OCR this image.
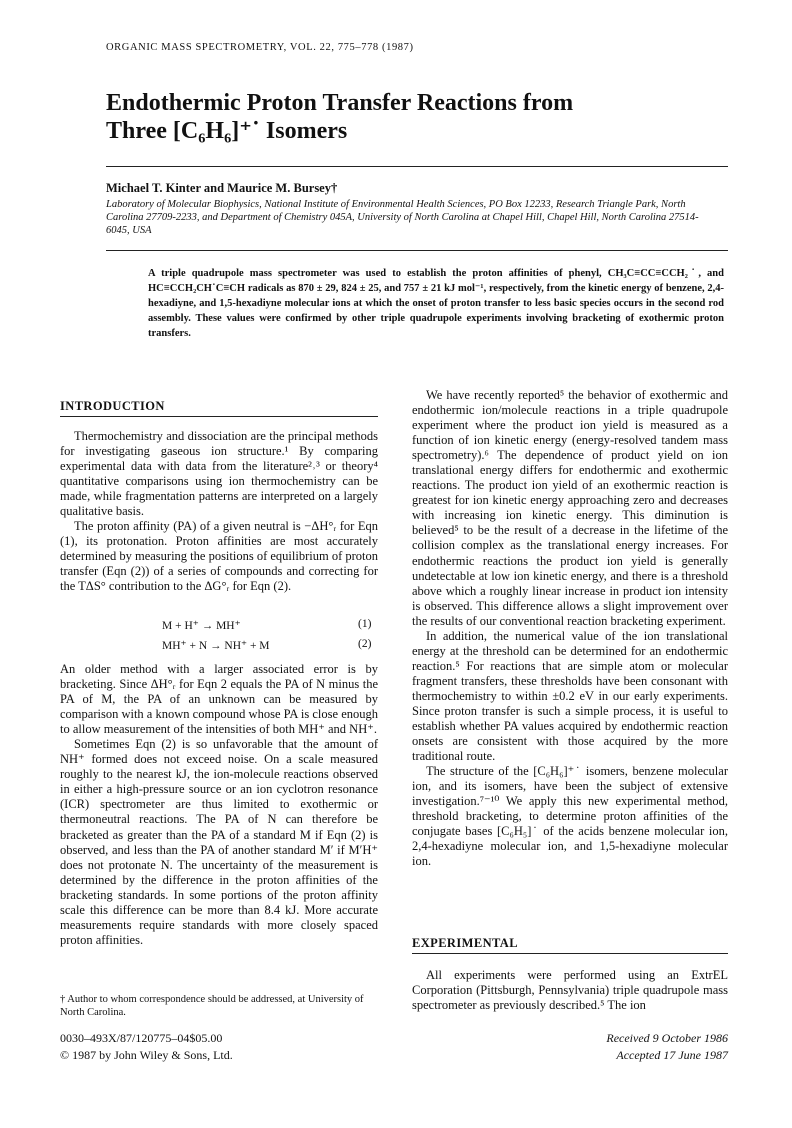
ORGANIC MASS SPECTROMETRY, VOL. 22, 775–778 (1987)
Endothermic Proton Transfer Reactions from
Three [C₆H₆]⁺˙ Isomers
Michael T. Kinter and Maurice M. Bursey†
Laboratory of Molecular Biophysics, National Institute of Environmental Health Sciences, PO Box 12233, Research Triangle Park, North Carolina 27709-2233, and Department of Chemistry 045A, University of North Carolina at Chapel Hill, Chapel Hill, North Carolina 27514-6045, USA
A triple quadrupole mass spectrometer was used to establish the proton affinities of phenyl, CH₃C≡CC≡CCH₂˙, and HC≡CCH₂CH˙C≡CH radicals as 870 ± 29, 824 ± 25, and 757 ± 21 kJ mol⁻¹, respectively, from the kinetic energy of benzene, 2,4-hexadiyne, and 1,5-hexadiyne molecular ions at which the onset of proton transfer to less basic species occurs in the second rod assembly. These values were confirmed by other triple quadrupole experiments involving bracketing of exothermic proton transfers.
INTRODUCTION

Thermochemistry and dissociation are the principal methods for investigating gaseous ion structure.¹ By comparing experimental data with data from the literature²˒³ or theory⁴ quantitative comparisons using ion thermochemistry can be made, while fragmentation patterns are interpreted on a largely qualitative basis.

The proton affinity (PA) of a given neutral is −ΔH°ᵣ for Eqn (1), its protonation. Proton affinities are most accurately determined by measuring the positions of equilibrium of proton transfer (Eqn (2)) of a series of compounds and correcting for the TΔS° contribution to the ΔG°ᵣ for Eqn (2).

M + H⁺ → MH⁺	(1)
MH⁺ + N → NH⁺ + M	(2)

An older method with a larger associated error is by bracketing. Since ΔH°ᵣ for Eqn 2 equals the PA of N minus the PA of M, the PA of an unknown can be measured by comparison with a known compound whose PA is close enough to allow measurement of the intensities of both MH⁺ and NH⁺.

Sometimes Eqn (2) is so unfavorable that the amount of NH⁺ formed does not exceed noise. On a scale measured roughly to the nearest kJ, the ion-molecule reactions observed in either a high-pressure source or an ion cyclotron resonance (ICR) spectrometer are thus limited to exothermic or thermoneutral reactions. The PA of N can therefore be bracketed as greater than the PA of a standard M if Eqn (2) is observed, and less than the PA of another standard M′ if M′H⁺ does not protonate N. The uncertainty of the measurement is determined by the difference in the proton affinities of the bracketing standards. In some portions of the proton affinity scale this difference can be more than 8.4 kJ. More accurate measurements require standards with more closely spaced proton affinities.

† Author to whom correspondence should be addressed, at University of North Carolina.
0030–493X/87/120775–04$05.00
© 1987 by John Wiley & Sons, Ltd.

We have recently reported⁵ the behavior of exothermic and endothermic ion/molecule reactions in a triple quadrupole experiment where the product ion yield is measured as a function of ion kinetic energy (energy-resolved tandem mass spectrometry).⁶ The dependence of product yield on ion translational energy differs for endothermic and exothermic reactions. The product ion yield of an exothermic reaction is greatest for ion kinetic energy approaching zero and decreases with increasing ion kinetic energy. This diminution is believed⁵ to be the result of a decrease in the lifetime of the collision complex as the translational energy increases. For endothermic reactions the product ion yield is generally undetectable at low ion kinetic energy, and there is a threshold above which a roughly linear increase in product ion intensity is observed. This difference allows a slight improvement over the results of our conventional reaction bracketing experiment.

In addition, the numerical value of the ion translational energy at the threshold can be determined for an endothermic reaction.⁵ For reactions that are simple atom or molecular fragment transfers, these thresholds have been consonant with thermochemistry to within ±0.2 eV in our early experiments. Since proton transfer is such a simple process, it is useful to establish whether PA values acquired by endothermic reaction onsets are consistent with those acquired by the more traditional route.

The structure of the [C₆H₆]⁺˙ isomers, benzene molecular ion, and its isomers, have been the subject of extensive investigation.⁷⁻¹⁰ We apply this new experimental method, threshold bracketing, to determine proton affinities of the conjugate bases [C₆H₅]˙ of the acids benzene molecular ion, 2,4-hexadiyne molecular ion, and 1,5-hexadiyne molecular ion.

EXPERIMENTAL

All experiments were performed using an ExtrEL Corporation (Pittsburgh, Pennsylvania) triple quadrupole mass spectrometer as previously described.⁵ The ion

Received 9 October 1986
Accepted 17 June 1987
